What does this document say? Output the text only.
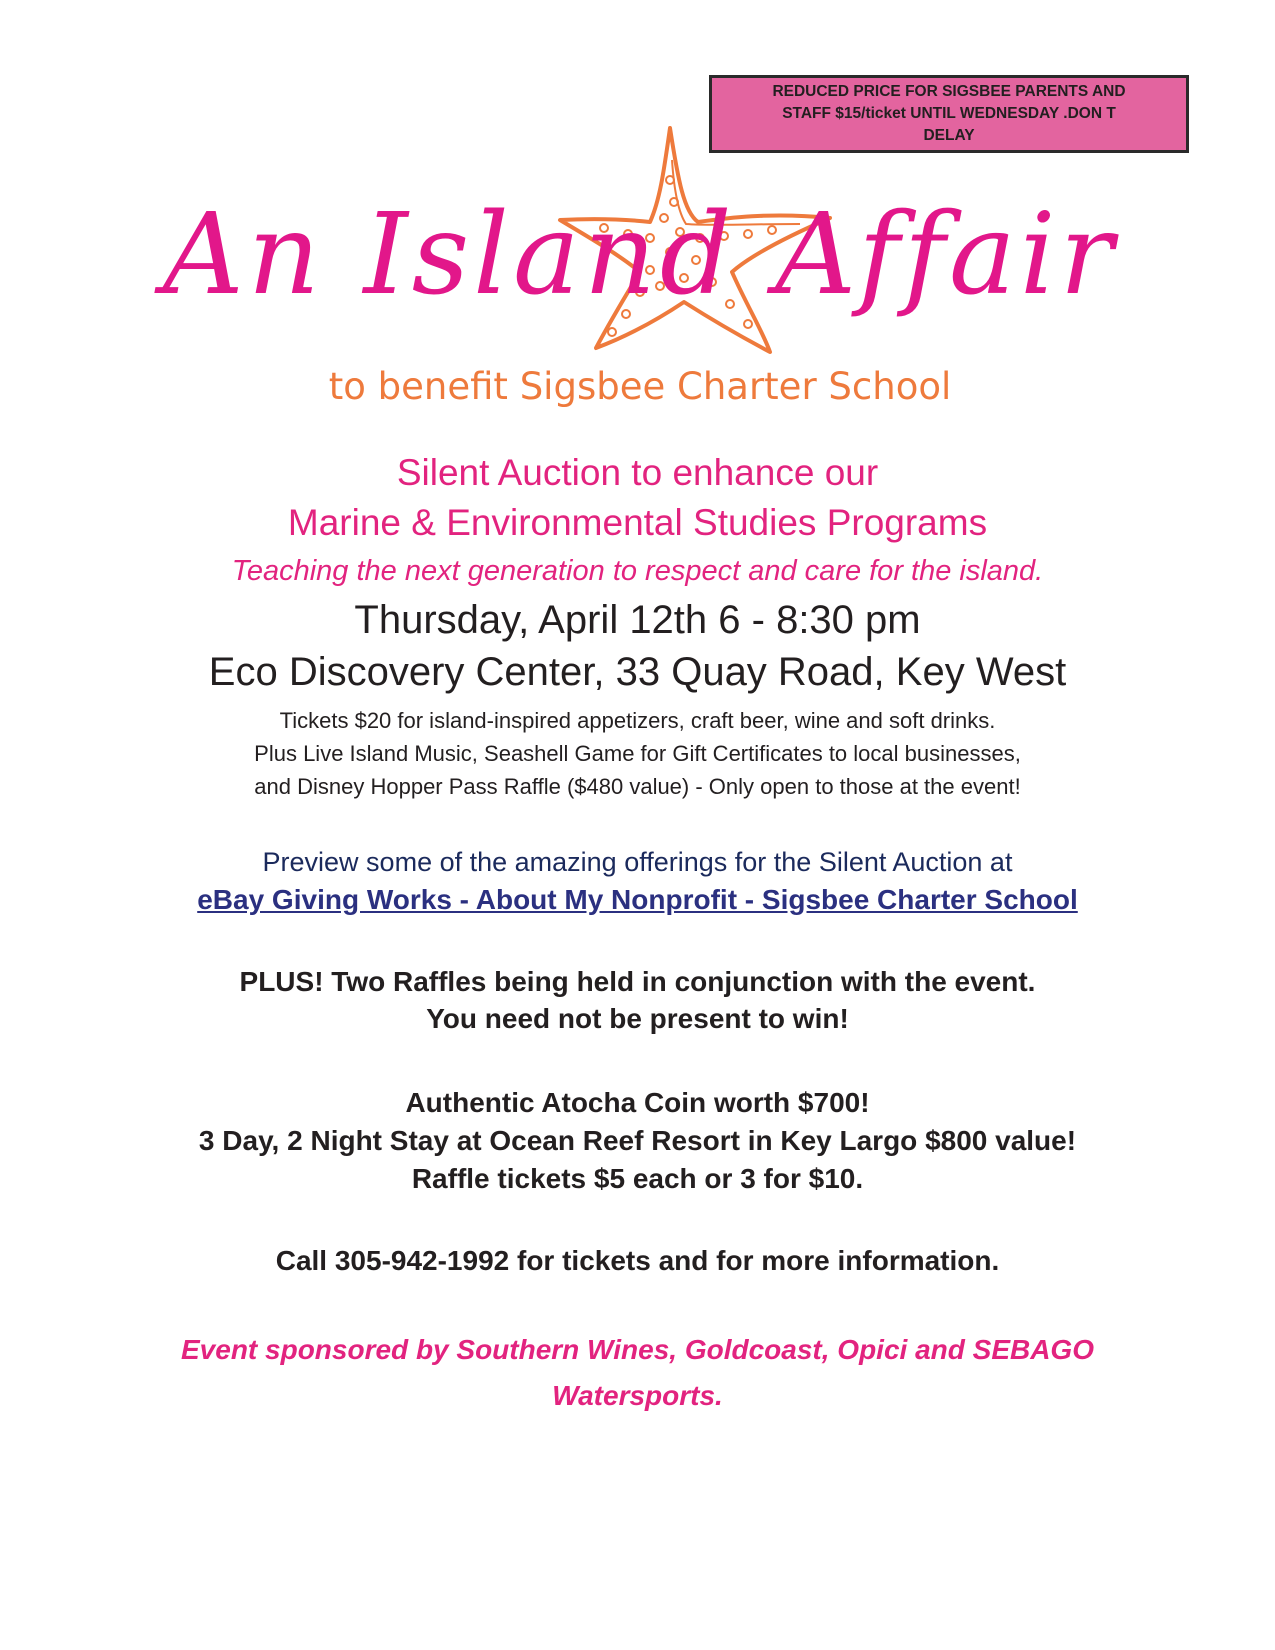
REDUCED PRICE FOR SIGSBEE PARENTS AND
STAFF $15/ticket UNTIL WEDNESDAY .DON T
DELAY
An Island Affair
to benefit Sigsbee Charter School
Silent Auction to enhance our
Marine & Environmental Studies Programs
Teaching the next generation to respect and care for the island.
Thursday, April 12th 6 - 8:30 pm
Eco Discovery Center, 33 Quay Road, Key West
Tickets $20 for island-inspired appetizers, craft beer, wine and soft drinks.
Plus Live Island Music, Seashell Game for Gift Certificates to local businesses,
and Disney Hopper Pass Raffle ($480 value) - Only open to those at the event!
Preview some of the amazing offerings for the Silent Auction at
eBay Giving Works - About My Nonprofit - Sigsbee Charter School
PLUS! Two Raffles being held in conjunction with the event.
You need not be present to win!
Authentic Atocha Coin worth $700!
3 Day, 2 Night Stay at Ocean Reef Resort in Key Largo $800 value!
Raffle tickets $5 each or 3 for $10.
Call 305-942-1992 for tickets and for more information.
Event sponsored by Southern Wines, Goldcoast, Opici and SEBAGO
Watersports.
